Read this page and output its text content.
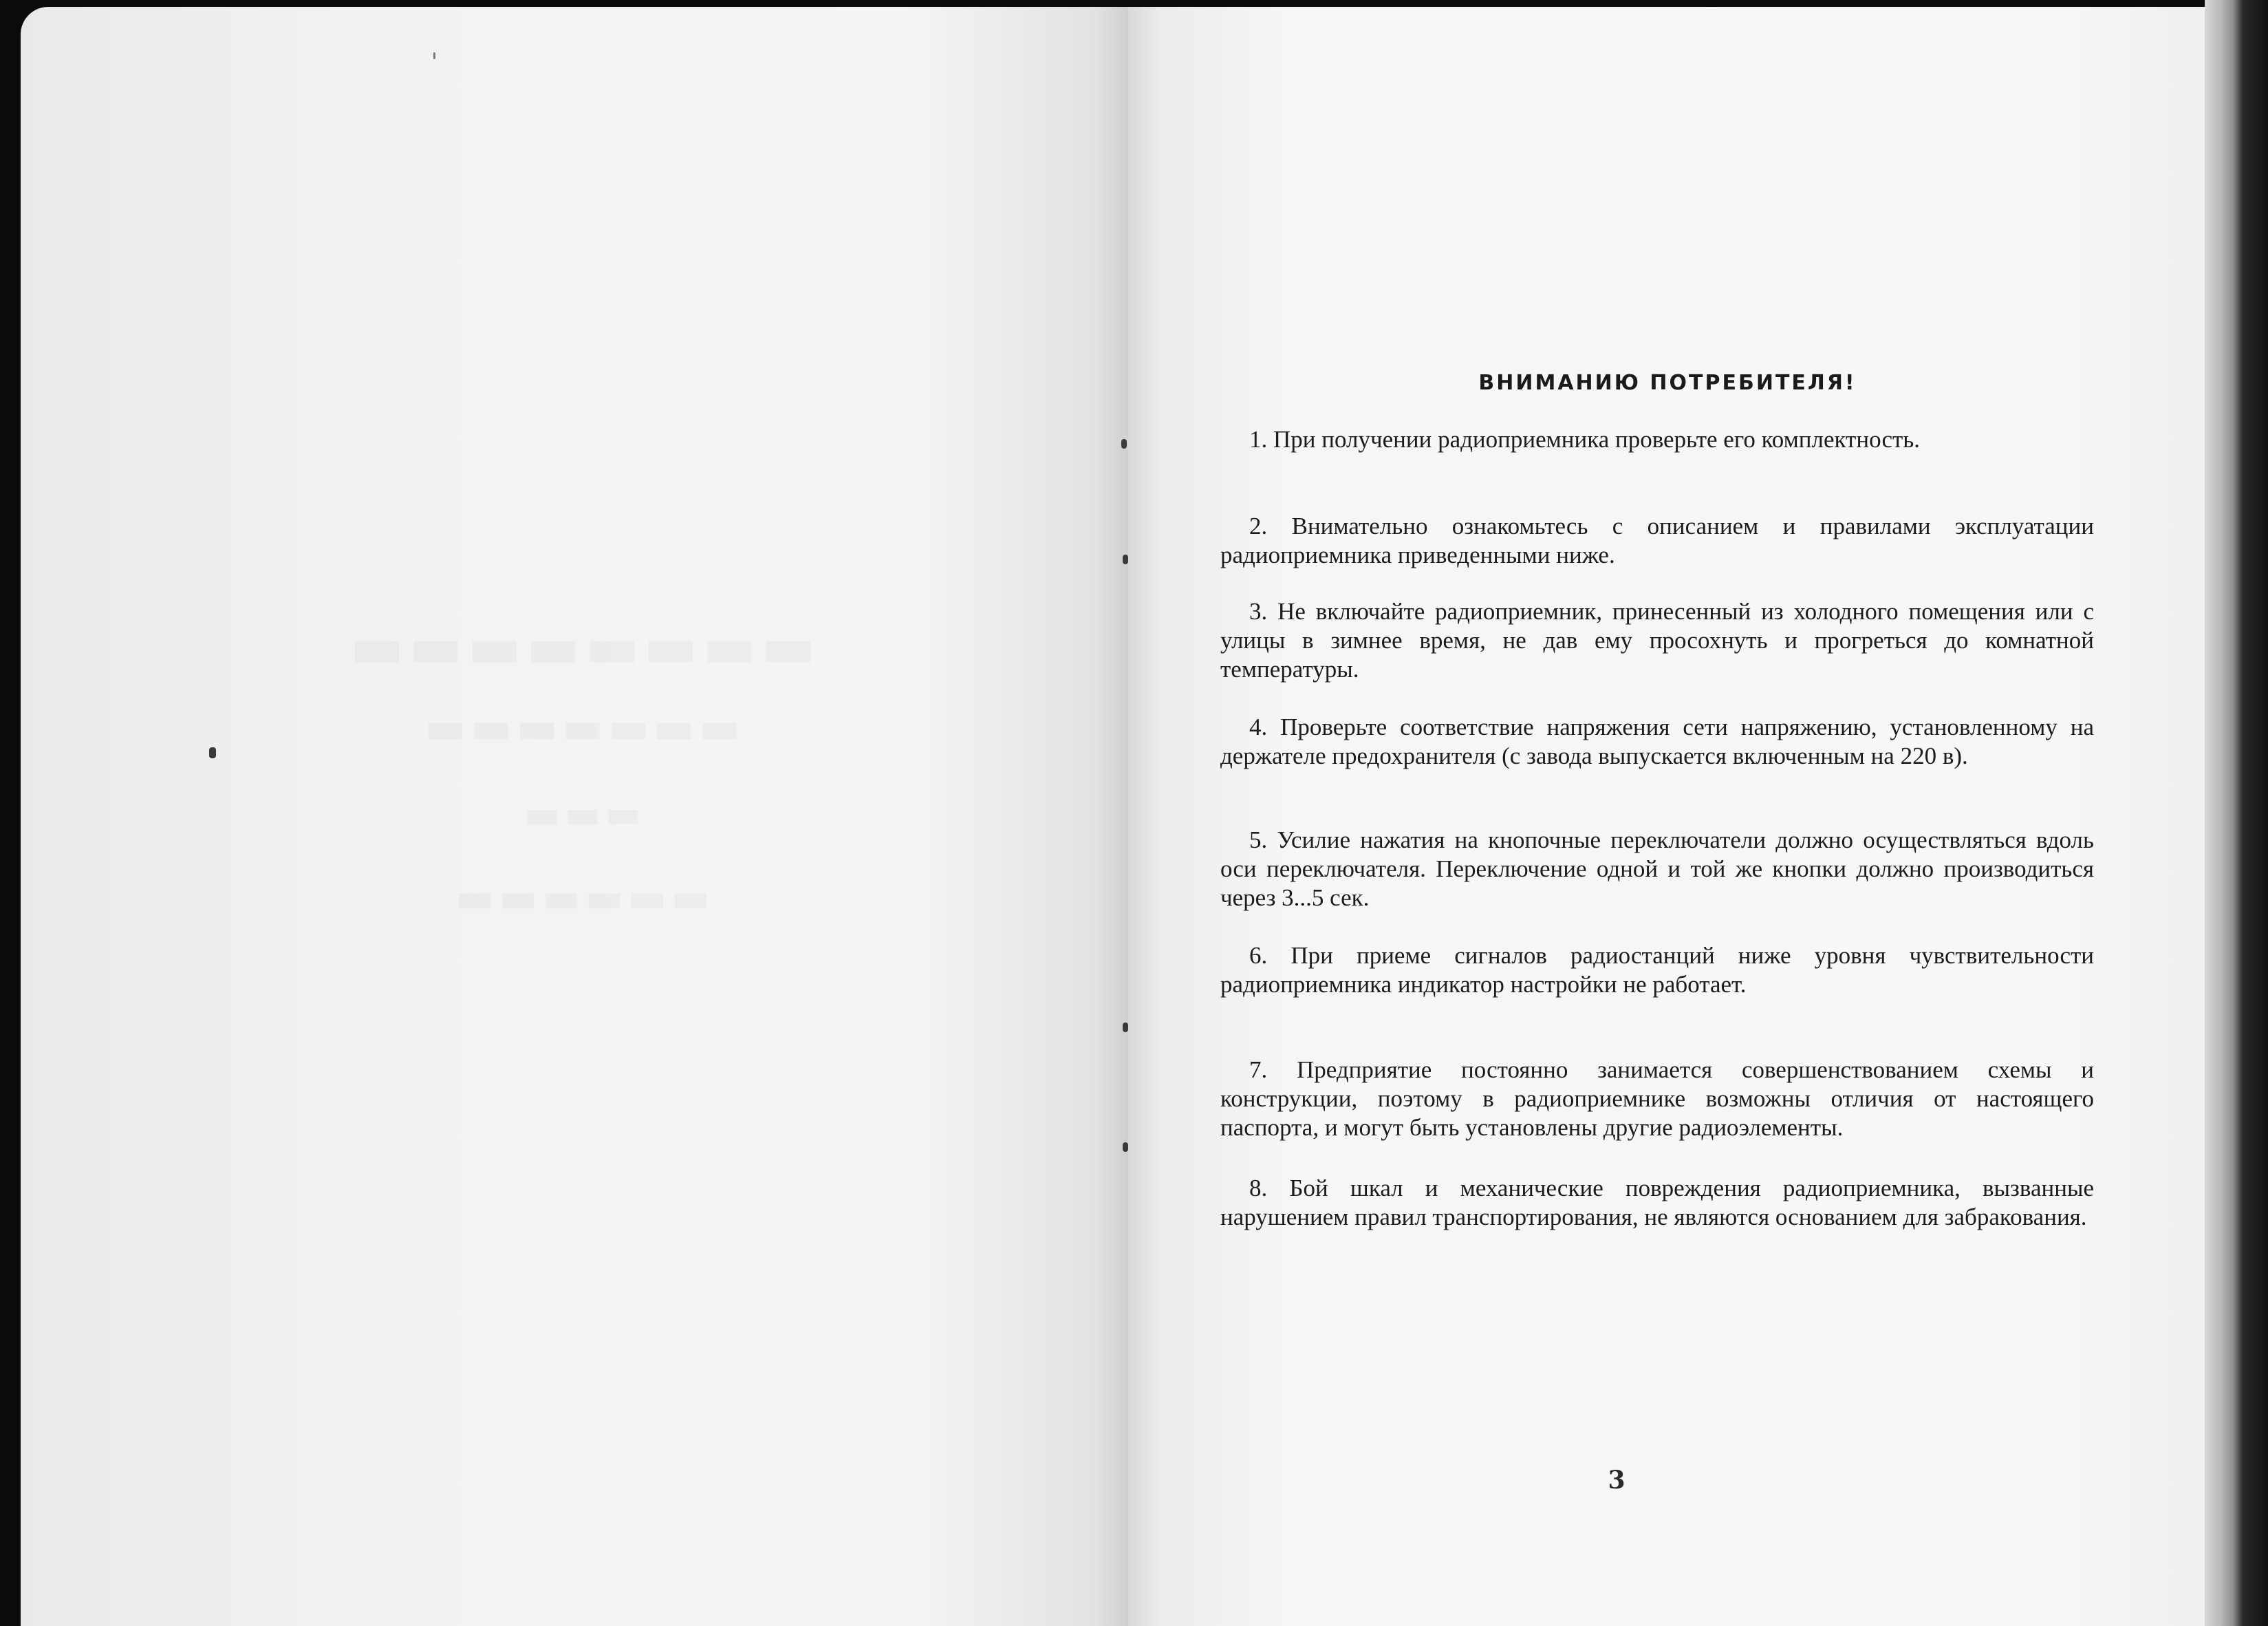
▬▬▬▬▬▬▬▬
▬▬▬▬▬▬▬
▬▬▬
▬▬▬▬▬▬
ВНИМАНИЮ ПОТРЕБИТЕЛЯ!

1. При получении радиоприемника проверьте его комплектность.

2. Внимательно ознакомьтесь с описанием и правилами эксплуатации радиоприемника приведенными ниже.

3. Не включайте радиоприемник, принесенный из холодного помещения или с улицы в зимнее время, не дав ему просохнуть и прогреться до комнатной температуры.

4. Проверьте соответствие напряжения сети напряжению, установленному на держателе предохранителя (с завода выпускается включенным на 220 в).

5. Усилие нажатия на кнопочные переключатели должно осуществляться вдоль оси переключателя. Переключение одной и той же кнопки должно производиться через 3...5 сек.

6. При приеме сигналов радиостанций ниже уровня чувствительности радиоприемника индикатор настройки не работает.

7. Предприятие постоянно занимается совершенствованием схемы и конструкции, поэтому в радиоприемнике возможны отличия от настоящего паспорта, и могут быть установлены другие радиоэлементы.

8. Бой шкал и механические повреждения радиоприемника, вызванные нарушением правил транспортирования, не являются основанием для забракования.

3
